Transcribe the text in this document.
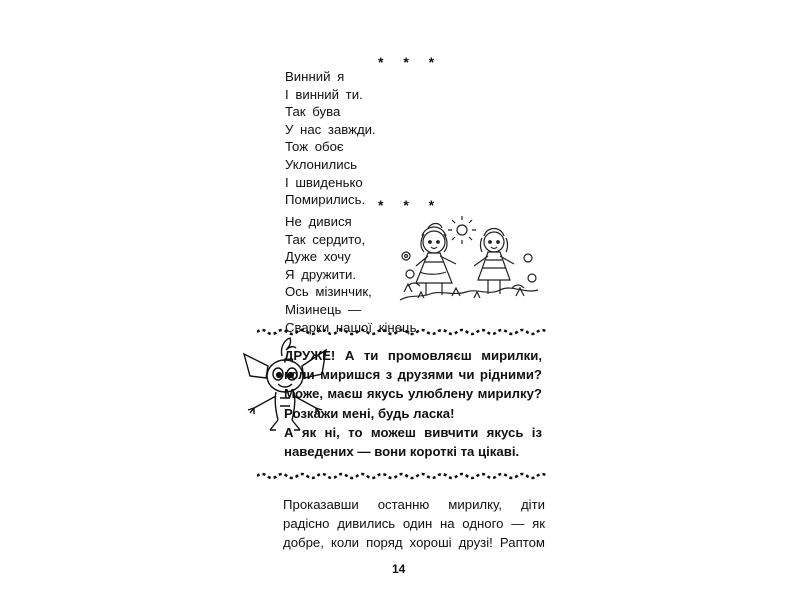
* * *
Винний я
І винний ти.
Так бува
У нас завжди.
Тож обоє
Уклонились
І швиденько
Помирились. * * *
Не дивися
Так сердито,
Дуже хочу
Я дружити.
Ось мізинчик,
Мізинець —
Сварки нашої кінець.

ДРУЖЕ! А ти промовляєш мирилки, коли миришся з друзями чи рідними? Може, маєш якусь улюблену мирилку? Розкажи мені, будь ласка!

А як ні, то можеш вивчити якусь із наведених — вони короткі та цікаві.

Проказавши останню мирилку, діти
радісно дивились один на одного — як
добре, коли поряд хороші друзі! Раптом
14
